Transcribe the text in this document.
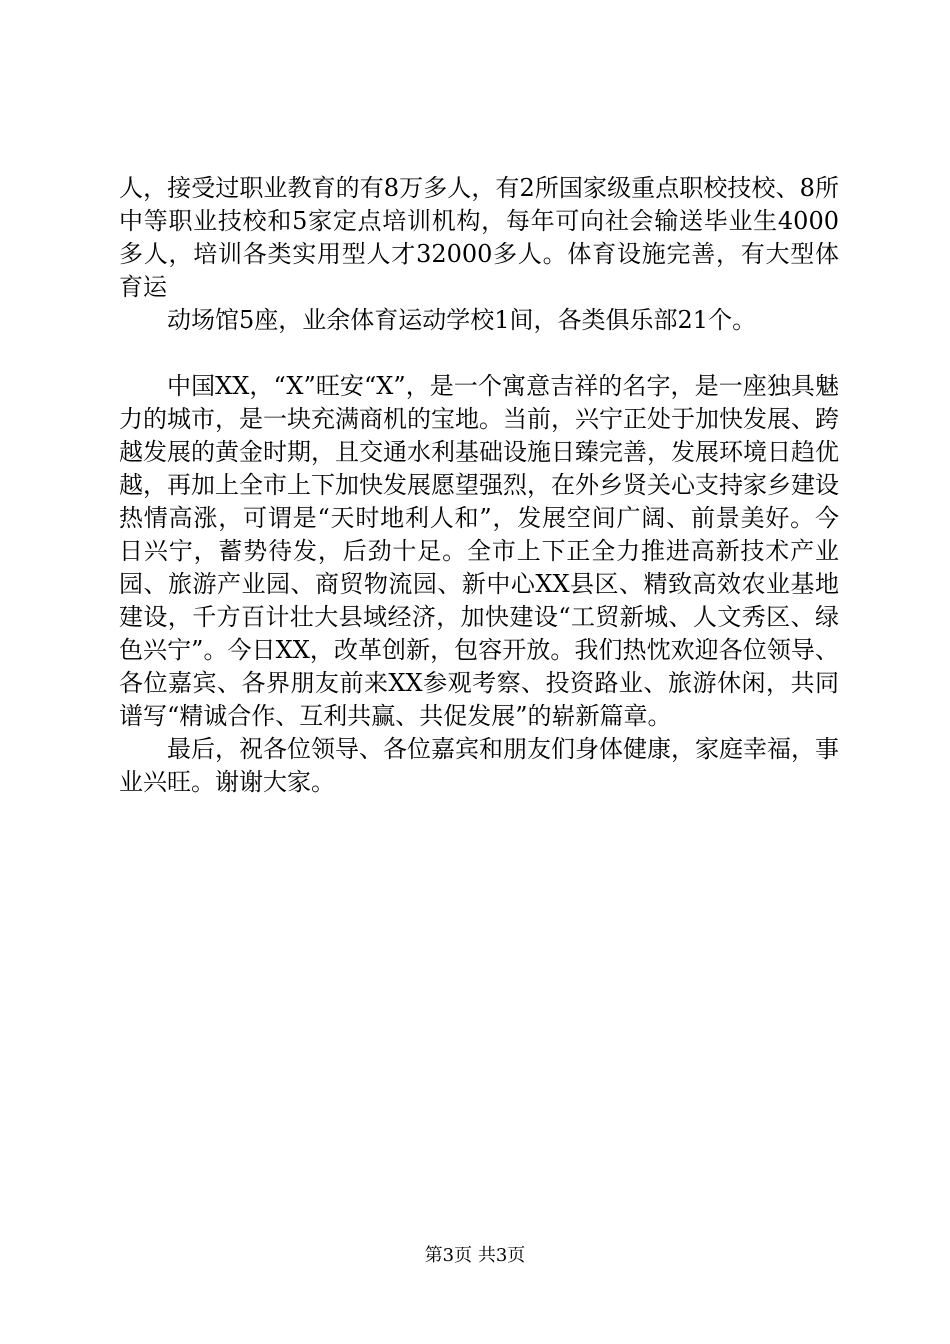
人，接受过职业教育的有8万多人，有2所国家级重点职校技校、8所中等职业技校和5家定点培训机构，每年可向社会输送毕业生4000多人，培训各类实用型人才32000多人。体育设施完善，有大型体育运

动场馆5座，业余体育运动学校1间，各类俱乐部21个。

中国XX，“X”旺安“X”，是一个寓意吉祥的名字，是一座独具魅力的城市，是一块充满商机的宝地。当前，兴宁正处于加快发展、跨越发展的黄金时期，且交通水利基础设施日臻完善，发展环境日趋优越，再加上全市上下加快发展愿望强烈，在外乡贤关心支持家乡建设热情高涨，可谓是“天时地利人和”，发展空间广阔、前景美好。今日兴宁，蓄势待发，后劲十足。全市上下正全力推进高新技术产业园、旅游产业园、商贸物流园、新中心XX县区、精致高效农业基地建设，千方百计壮大县域经济，加快建设“工贸新城、人文秀区、绿色兴宁”。今日XX，改革创新，包容开放。我们热忱欢迎各位领导、各位嘉宾、各界朋友前来XX参观考察、投资路业、旅游休闲，共同谱写“精诚合作、互利共赢、共促发展”的崭新篇章。

最后，祝各位领导、各位嘉宾和朋友们身体健康，家庭幸福，事业兴旺。谢谢大家。

第3页 共3页
